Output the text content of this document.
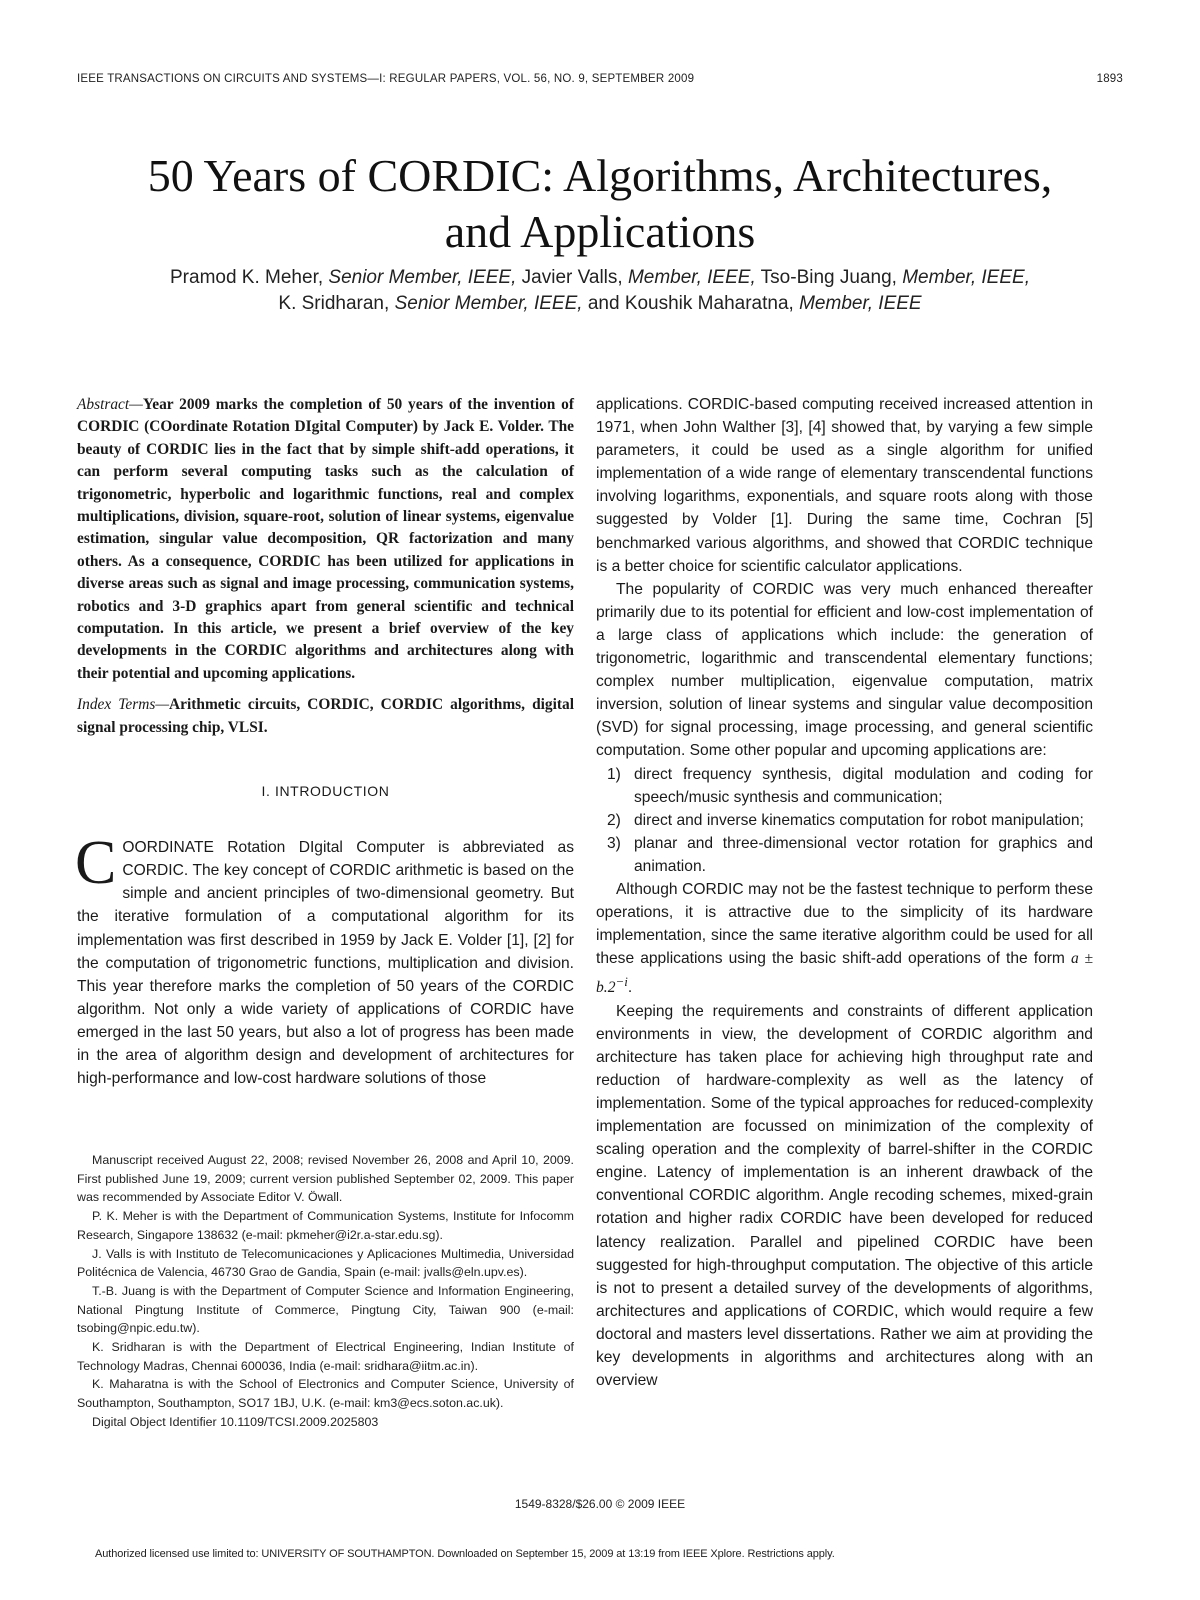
IEEE TRANSACTIONS ON CIRCUITS AND SYSTEMS—I: REGULAR PAPERS, VOL. 56, NO. 9, SEPTEMBER 2009	1893
50 Years of CORDIC: Algorithms, Architectures,
and Applications
Pramod K. Meher, Senior Member, IEEE, Javier Valls, Member, IEEE, Tso-Bing Juang, Member, IEEE,
K. Sridharan, Senior Member, IEEE, and Koushik Maharatna, Member, IEEE

Abstract—Year 2009 marks the completion of 50 years of the invention of CORDIC (COordinate Rotation DIgital Computer) by Jack E. Volder. The beauty of CORDIC lies in the fact that by simple shift-add operations, it can perform several computing tasks such as the calculation of trigonometric, hyperbolic and logarithmic functions, real and complex multiplications, division, square-root, solution of linear systems, eigenvalue estimation, singular value decomposition, QR factorization and many others. As a consequence, CORDIC has been utilized for applications in diverse areas such as signal and image processing, communication systems, robotics and 3-D graphics apart from general scientific and technical computation. In this article, we present a brief overview of the key developments in the CORDIC algorithms and architectures along with their potential and upcoming applications.

Index Terms—Arithmetic circuits, CORDIC, CORDIC algorithms, digital signal processing chip, VLSI.

I. INTRODUCTION

COORDINATE Rotation DIgital Computer is abbreviated as CORDIC. The key concept of CORDIC arithmetic is based on the simple and ancient principles of two-dimensional geometry. But the iterative formulation of a computational algorithm for its implementation was first described in 1959 by Jack E. Volder [1], [2] for the computation of trigonometric functions, multiplication and division. This year therefore marks the completion of 50 years of the CORDIC algorithm. Not only a wide variety of applications of CORDIC have emerged in the last 50 years, but also a lot of progress has been made in the area of algorithm design and development of architectures for high-performance and low-cost hardware solutions of those

Manuscript received August 22, 2008; revised November 26, 2008 and April 10, 2009. First published June 19, 2009; current version published September 02, 2009. This paper was recommended by Associate Editor V. Öwall.

P. K. Meher is with the Department of Communication Systems, Institute for Infocomm Research, Singapore 138632 (e-mail: pkmeher@i2r.a-star.edu.sg).

J. Valls is with Instituto de Telecomunicaciones y Aplicaciones Multimedia, Universidad Politécnica de Valencia, 46730 Grao de Gandia, Spain (e-mail: jvalls@eln.upv.es).

T.-B. Juang is with the Department of Computer Science and Information Engineering, National Pingtung Institute of Commerce, Pingtung City, Taiwan 900 (e-mail: tsobing@npic.edu.tw).

K. Sridharan is with the Department of Electrical Engineering, Indian Institute of Technology Madras, Chennai 600036, India (e-mail: sridhara@iitm.ac.in).

K. Maharatna is with the School of Electronics and Computer Science, University of Southampton, Southampton, SO17 1BJ, U.K. (e-mail: km3@ecs.soton.ac.uk).

Digital Object Identifier 10.1109/TCSI.2009.2025803

applications. CORDIC-based computing received increased attention in 1971, when John Walther [3], [4] showed that, by varying a few simple parameters, it could be used as a single algorithm for unified implementation of a wide range of elementary transcendental functions involving logarithms, exponentials, and square roots along with those suggested by Volder [1]. During the same time, Cochran [5] benchmarked various algorithms, and showed that CORDIC technique is a better choice for scientific calculator applications.

The popularity of CORDIC was very much enhanced thereafter primarily due to its potential for efficient and low-cost implementation of a large class of applications which include: the generation of trigonometric, logarithmic and transcendental elementary functions; complex number multiplication, eigenvalue computation, matrix inversion, solution of linear systems and singular value decomposition (SVD) for signal processing, image processing, and general scientific computation. Some other popular and upcoming applications are:

1) direct frequency synthesis, digital modulation and coding for speech/music synthesis and communication;
2) direct and inverse kinematics computation for robot manipulation;
3) planar and three-dimensional vector rotation for graphics and animation.

Although CORDIC may not be the fastest technique to perform these operations, it is attractive due to the simplicity of its hardware implementation, since the same iterative algorithm could be used for all these applications using the basic shift-add operations of the form $a \pm b.2^{-i}$.

Keeping the requirements and constraints of different application environments in view, the development of CORDIC algorithm and architecture has taken place for achieving high throughput rate and reduction of hardware-complexity as well as the latency of implementation. Some of the typical approaches for reduced-complexity implementation are focussed on minimization of the complexity of scaling operation and the complexity of barrel-shifter in the CORDIC engine. Latency of implementation is an inherent drawback of the conventional CORDIC algorithm. Angle recoding schemes, mixed-grain rotation and higher radix CORDIC have been developed for reduced latency realization. Parallel and pipelined CORDIC have been suggested for high-throughput computation. The objective of this article is not to present a detailed survey of the developments of algorithms, architectures and applications of CORDIC, which would require a few doctoral and masters level dissertations. Rather we aim at providing the key developments in algorithms and architectures along with an overview

1549-8328/$26.00 © 2009 IEEE
Authorized licensed use limited to: UNIVERSITY OF SOUTHAMPTON. Downloaded on September 15, 2009 at 13:19 from IEEE Xplore. Restrictions apply.
